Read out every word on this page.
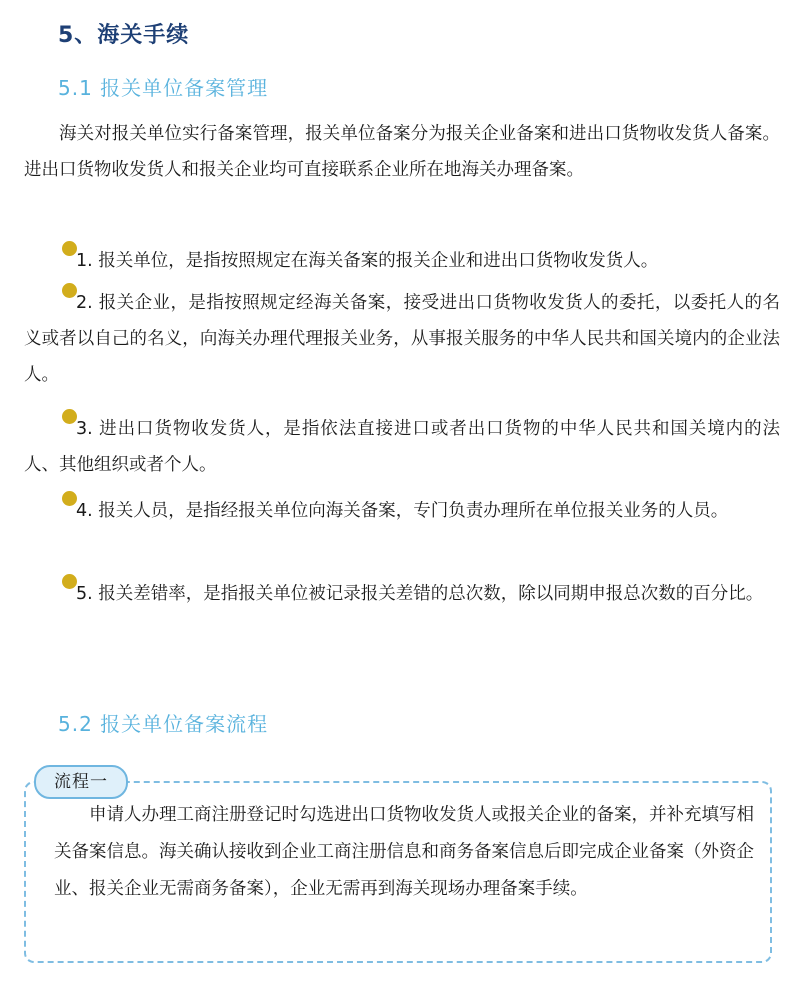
5、海关手续
5.1 报关单位备案管理

海关对报关单位实行备案管理，报关单位备案分为报关企业备案和进出口货物收发货人备案。进出口货物收发货人和报关企业均可直接联系企业所在地海关办理备案。

1. 报关单位，是指按照规定在海关备案的报关企业和进出口货物收发货人。

2. 报关企业，是指按照规定经海关备案，接受进出口货物收发货人的委托，以委托人的名义或者以自己的名义，向海关办理代理报关业务，从事报关服务的中华人民共和国关境内的企业法人。

3. 进出口货物收发货人，是指依法直接进口或者出口货物的中华人民共和国关境内的法人、其他组织或者个人。

4. 报关人员，是指经报关单位向海关备案，专门负责办理所在单位报关业务的人员。

5. 报关差错率，是指报关单位被记录报关差错的总次数，除以同期申报总次数的百分比。

5.2 报关单位备案流程
流程一

申请人办理工商注册登记时勾选进出口货物收发货人或报关企业的备案，并补充填写相关备案信息。海关确认接收到企业工商注册信息和商务备案信息后即完成企业备案（外资企业、报关企业无需商务备案），企业无需再到海关现场办理备案手续。
